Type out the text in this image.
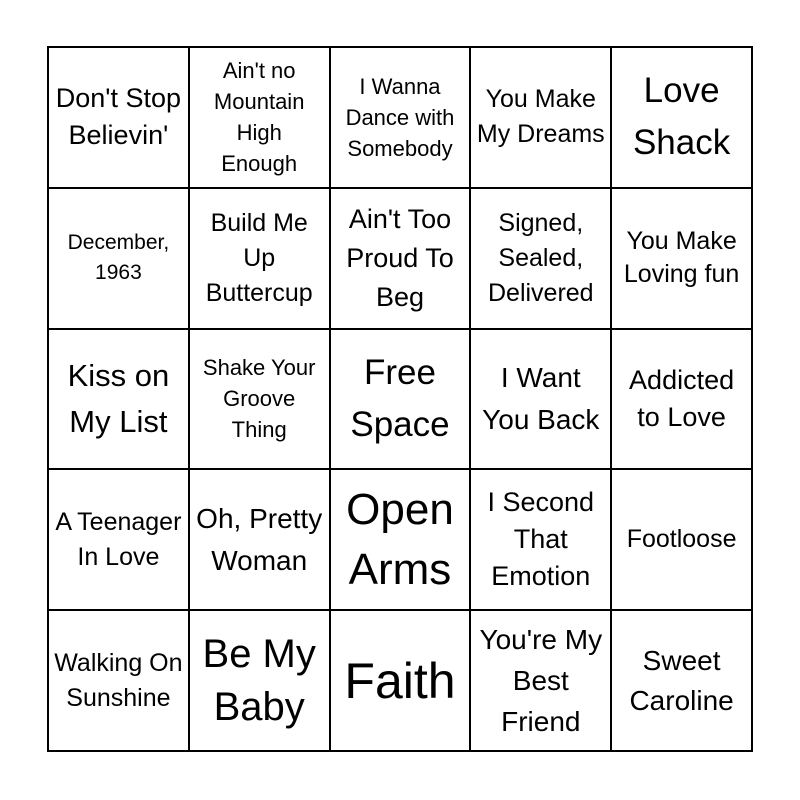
Don't Stop Believin'
Ain't no Mountain High Enough
I Wanna Dance with Somebody
You Make My Dreams
Love Shack
December, 1963
Build Me Up Buttercup
Ain't Too Proud To Beg
Signed, Sealed, Delivered
You Make Loving fun
Kiss on My List
Shake Your Groove Thing
Free Space
I Want You Back
Addicted to Love
A Teenager In Love
Oh, Pretty Woman
Open Arms
I Second That Emotion
Footloose
Walking On Sunshine
Be My Baby Faith
You're My Best Friend
Sweet Caroline
